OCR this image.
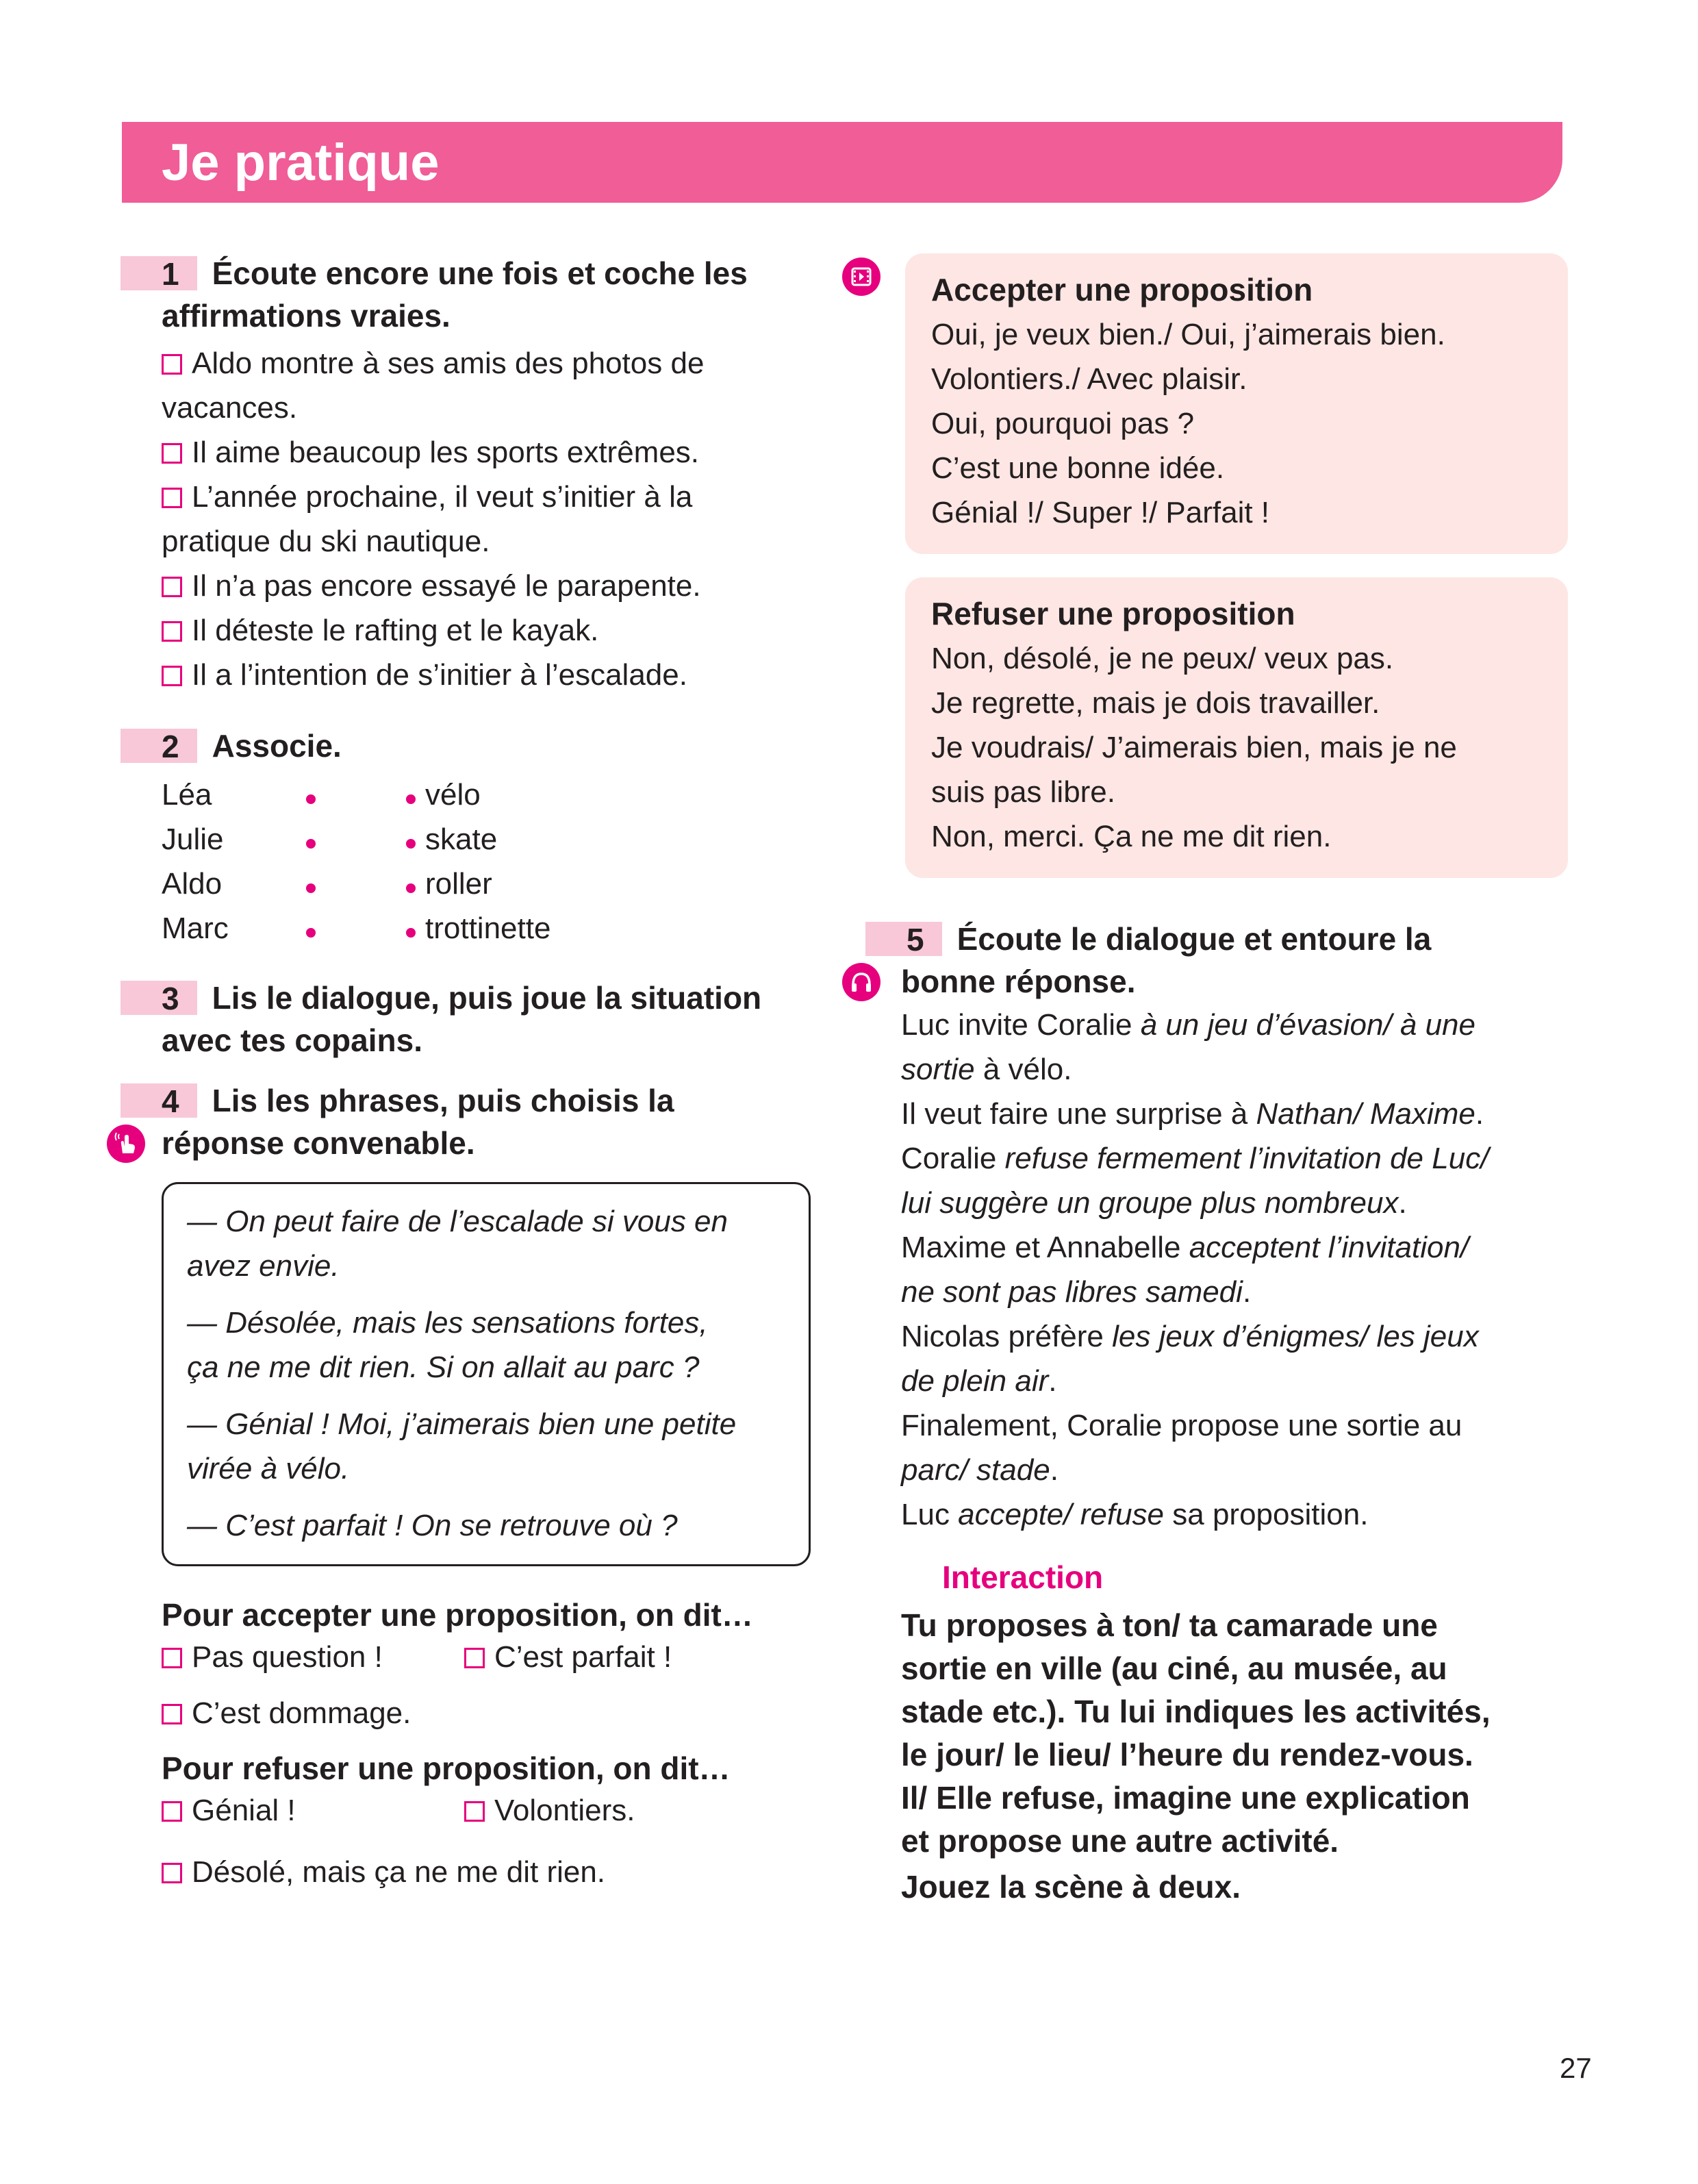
Je pratique
1 Écoute encore une fois et coche les
affirmations vraies.

Aldo montre à ses amis des photos de

vacances.

Il aime beaucoup les sports extrêmes.

L’année prochaine, il veut s’initier à la

pratique du ski nautique.

Il n’a pas encore essayé le parapente.

Il déteste le rafting et le kayak.

Il a l’intention de s’initier à l’escalade.

2 Associe.
Léa	vélo
Julie	skate
Aldo	roller
Marc	trottinette
3 Lis le dialogue, puis joue la situation
avec tes copains.
4 Lis les phrases, puis choisis la
réponse convenable.

— On peut faire de l’escalade si vous en
avez envie.

— Désolée, mais les sensations fortes,
ça ne me dit rien. Si on allait au parc ?

— Génial ! Moi, j’aimerais bien une petite
virée à vélo.

— C’est parfait ! On se retrouve où ?

Pour accepter une proposition, on dit…
Pas question !	C’est parfait !
C’est dommage.
Pour refuser une proposition, on dit…
Génial !	Volontiers.
Désolé, mais ça ne me dit rien.
Accepter une proposition

Oui, je veux bien./ Oui, j’aimerais bien.

Volontiers./ Avec plaisir.

Oui, pourquoi pas ?

C’est une bonne idée.

Génial !/ Super !/ Parfait !

Refuser une proposition

Non, désolé, je ne peux/ veux pas.

Je regrette, mais je dois travailler.

Je voudrais/ J’aimerais bien, mais je ne

suis pas libre.

Non, merci. Ça ne me dit rien.

5 Écoute le dialogue et entoure la
bonne réponse.

Luc invite Coralie à un jeu d’évasion/ à une

sortie à vélo.

Il veut faire une surprise à Nathan/ Maxime.

Coralie refuse fermement l’invitation de Luc/

lui suggère un groupe plus nombreux.

Maxime et Annabelle acceptent l’invitation/

ne sont pas libres samedi.

Nicolas préfère les jeux d’énigmes/ les jeux

de plein air.

Finalement, Coralie propose une sortie au

parc/ stade.

Luc accepte/ refuse sa proposition.

Interaction
Tu proposes à ton/ ta camarade une
sortie en ville (au ciné, au musée, au
stade etc.). Tu lui indiques les activités,
le jour/ le lieu/ l’heure du rendez-vous.
Il/ Elle refuse, imagine une explication
et propose une autre activité.
Jouez la scène à deux.
27
